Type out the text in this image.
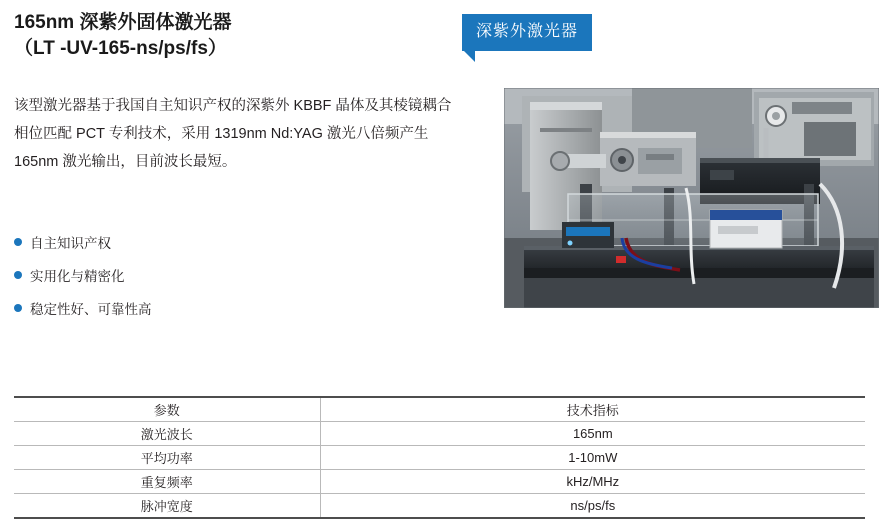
165nm 深紫外固体激光器
（LT -UV-165-ns/ps/fs）
深紫外激光器
该型激光器基于我国自主知识产权的深紫外 KBBF 晶体及其棱镜耦合相位匹配 PCT 专利技术，采用 1319nm Nd:YAG 激光八倍频产生 165nm 激光输出，目前波长最短。
自主知识产权
实用化与精密化
稳定性好、可靠性高
参数	技术指标
激光波长	165nm
平均功率	1-10mW
重复频率	kHz/MHz
脉冲宽度	ns/ps/fs
